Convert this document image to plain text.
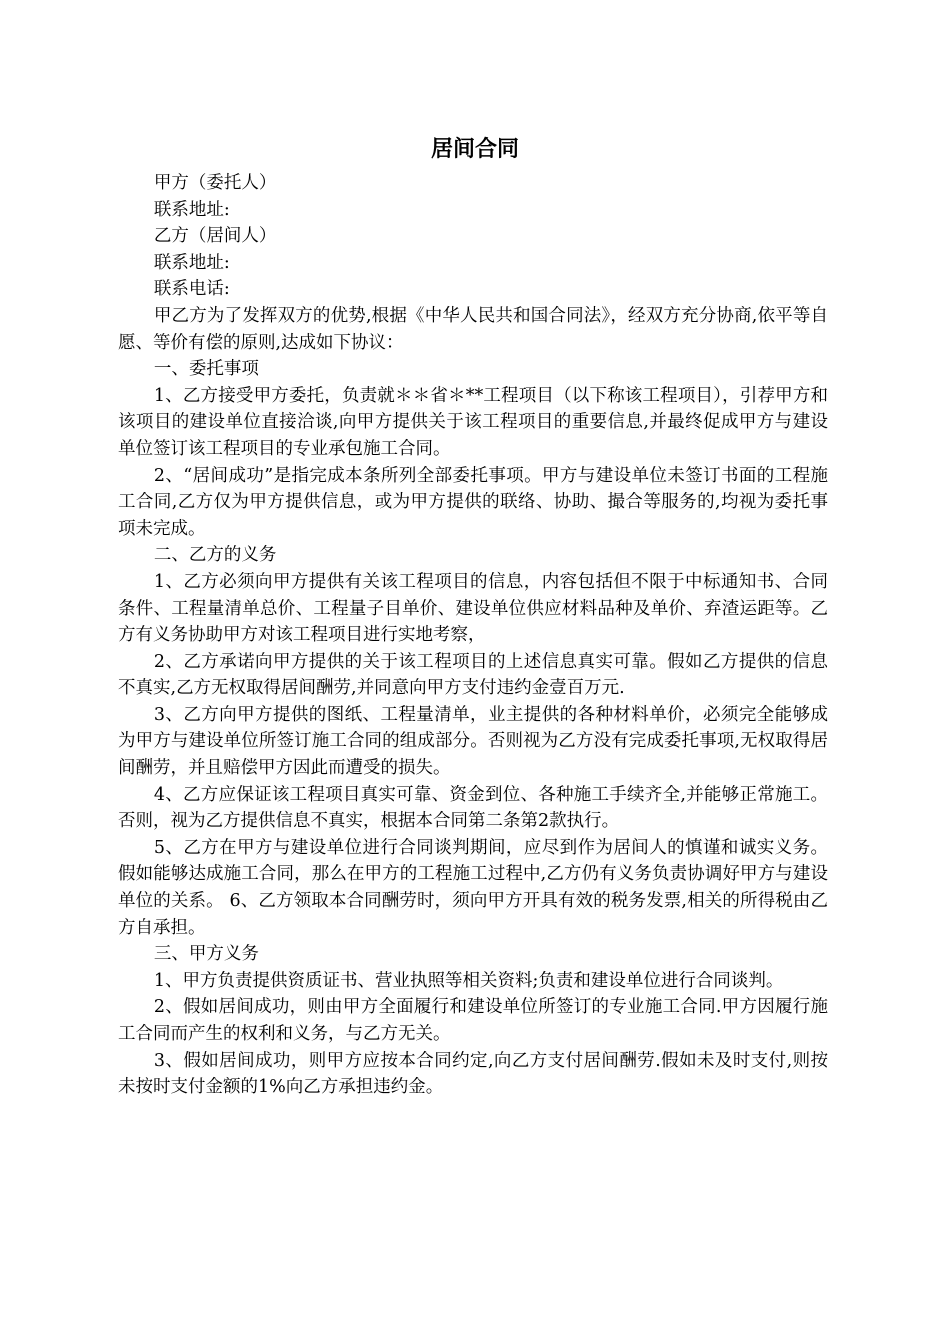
居间合同

甲方（委托人）

联系地址:

乙方（居间人）

联系地址:

联系电话:

甲乙方为了发挥双方的优势,根据《中华人民共和国合同法》，经双方充分协商,依平等自愿、等价有偿的原则,达成如下协议：

一、委托事项

1、乙方接受甲方委托，负责就＊＊省＊**工程项目（以下称该工程项目），引荐甲方和该项目的建设单位直接洽谈,向甲方提供关于该工程项目的重要信息,并最终促成甲方与建设单位签订该工程项目的专业承包施工合同。

2、“居间成功”是指完成本条所列全部委托事项。甲方与建设单位未签订书面的工程施工合同,乙方仅为甲方提供信息，或为甲方提供的联络、协助、撮合等服务的,均视为委托事项未完成。

二、乙方的义务

1、乙方必须向甲方提供有关该工程项目的信息，内容包括但不限于中标通知书、合同条件、工程量清单总价、工程量子目单价、建设单位供应材料品种及单价、弃渣运距等。乙方有义务协助甲方对该工程项目进行实地考察，

2、乙方承诺向甲方提供的关于该工程项目的上述信息真实可靠。假如乙方提供的信息不真实,乙方无权取得居间酬劳,并同意向甲方支付违约金壹百万元.

3、乙方向甲方提供的图纸、工程量清单，业主提供的各种材料单价，必须完全能够成为甲方与建设单位所签订施工合同的组成部分。否则视为乙方没有完成委托事项,无权取得居间酬劳，并且赔偿甲方因此而遭受的损失。

4、乙方应保证该工程项目真实可靠、资金到位、各种施工手续齐全,并能够正常施工。否则，视为乙方提供信息不真实，根据本合同第二条第2款执行。

5、乙方在甲方与建设单位进行合同谈判期间，应尽到作为居间人的慎谨和诚实义务。假如能够达成施工合同，那么在甲方的工程施工过程中,乙方仍有义务负责协调好甲方与建设单位的关系。 6、乙方领取本合同酬劳时，须向甲方开具有效的税务发票,相关的所得税由乙方自承担。

三、甲方义务

1、甲方负责提供资质证书、营业执照等相关资料;负责和建设单位进行合同谈判。

2、假如居间成功，则由甲方全面履行和建设单位所签订的专业施工合同.甲方因履行施工合同而产生的权利和义务，与乙方无关。

3、假如居间成功，则甲方应按本合同约定,向乙方支付居间酬劳.假如未及时支付,则按未按时支付金额的1%向乙方承担违约金。
